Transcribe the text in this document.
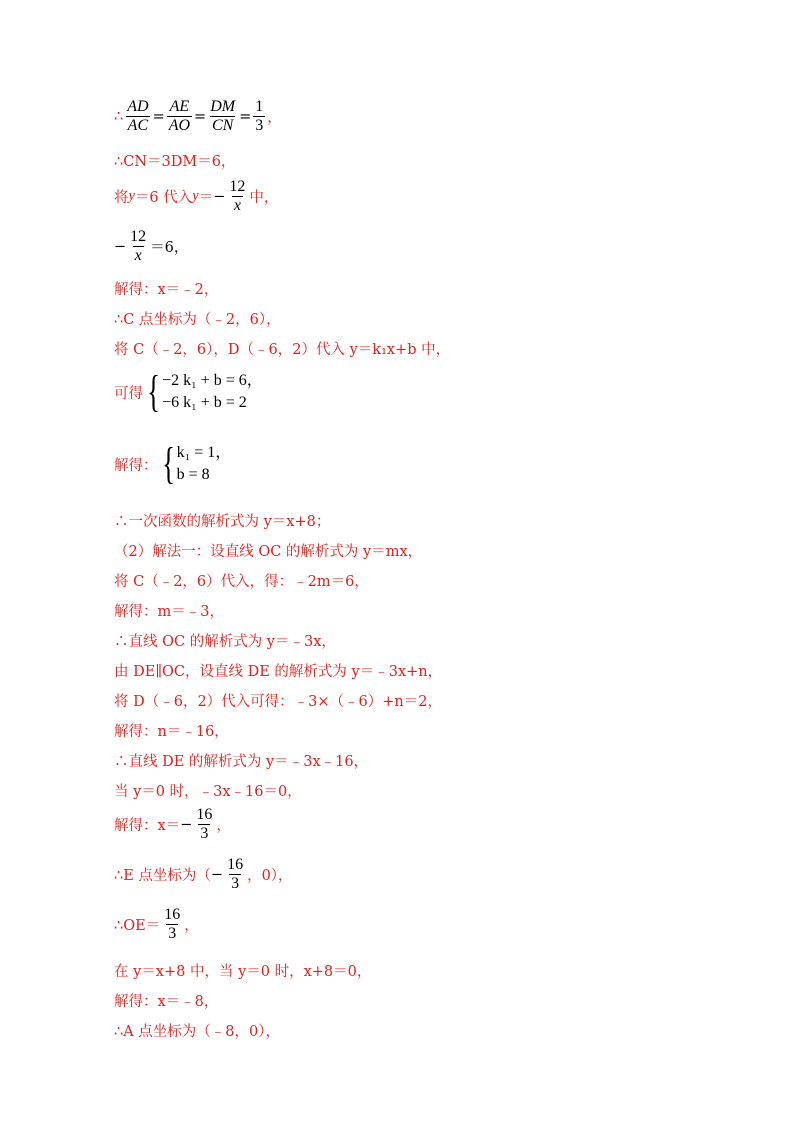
∴ $\frac{AD}{AC} = \frac{AE}{AO} = \frac{DM}{CN} = \frac{1}{3}$ ，
∴CN＝3DM＝6，
将 y ＝6 代入 y ＝ − $\frac{12}{x}$ 中，
− $\frac{12}{x} =6$，
解得：x＝﹣2，
∴C 点坐标为（﹣2，6），
将 C（﹣2，6），D（﹣6，2）代入 y＝k₁x+b 中，
可得 { −2 k₁ + b = 6，
−6 k₁ + b = 2
解得： { k₁ = 1，
b = 8
∴一次函数的解析式为 y＝x+8；
（2）解法一：设直线 OC 的解析式为 y＝mx，
将 C（﹣2，6）代入，得：﹣2m＝6，
解得：m＝﹣3，
∴直线 OC 的解析式为 y＝﹣3x，
由 DE∥OC，设直线 DE 的解析式为 y＝﹣3x+n，
将 D（﹣6，2）代入可得：﹣3×（﹣6）+n＝2，
解得：n＝﹣16，
∴直线 DE 的解析式为 y＝﹣3x﹣16，
当 y＝0 时，﹣3x﹣16＝0，
解得：$x= - \frac{16}{3}$ ，
∴E 点坐标为（ − $\frac{16}{3}$ ，0），
∴OE＝ $\frac{16}{3}$ ，
在 y＝x+8 中，当 y＝0 时，x+8＝0，
解得：x＝﹣8，
∴A 点坐标为（﹣8，0），
